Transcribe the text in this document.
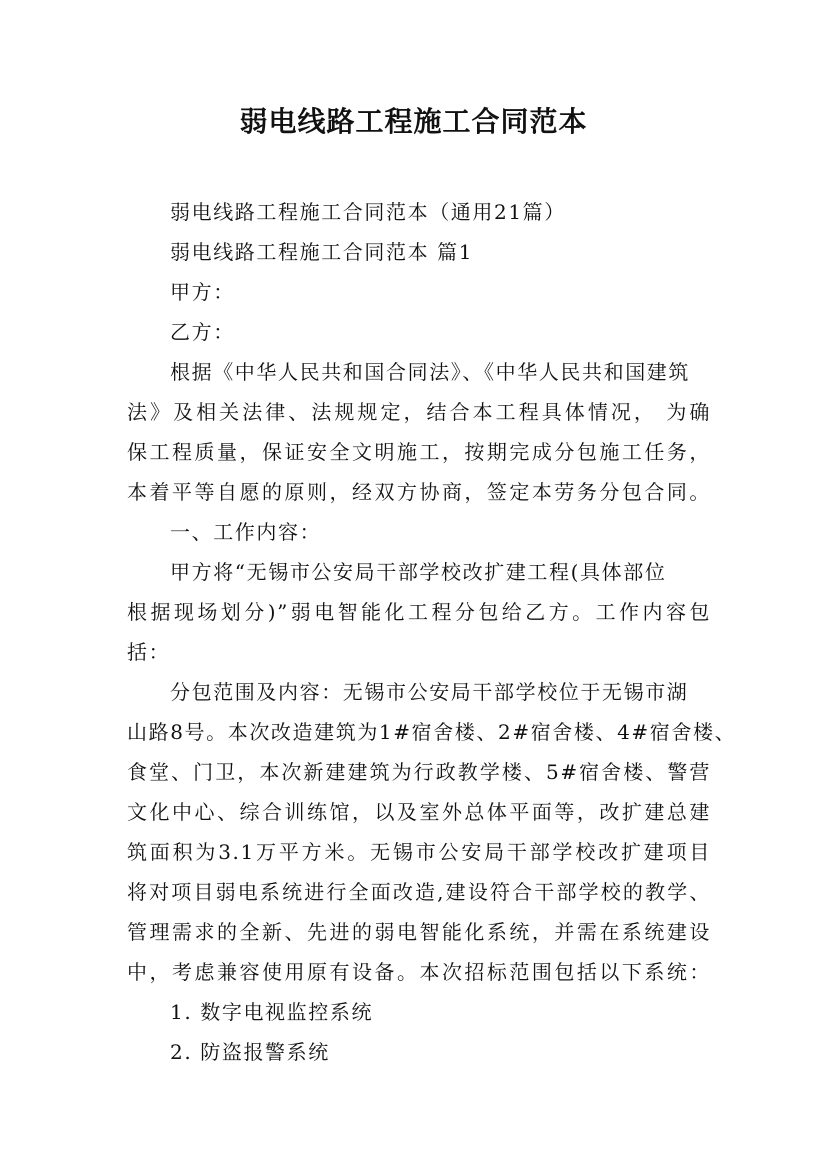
弱电线路工程施工合同范本
弱电线路工程施工合同范本（通用21篇）
弱电线路工程施工合同范本 篇1
甲方：
乙方：
根据《中华人民共和国合同法》、《中华人民共和国建筑
法》及相关法律、法规规定，结合本工程具体情况， 为确
保工程质量，保证安全文明施工，按期完成分包施工任务，
本着平等自愿的原则，经双方协商，签定本劳务分包合同。
一、工作内容：
甲方将“无锡市公安局干部学校改扩建工程(具体部位
根据现场划分)”弱电智能化工程分包给乙方。工作内容包
括：
分包范围及内容：无锡市公安局干部学校位于无锡市湖
山路8号。本次改造建筑为1#宿舍楼、2#宿舍楼、4#宿舍楼、
食堂、门卫，本次新建建筑为行政教学楼、5#宿舍楼、警营
文化中心、综合训练馆，以及室外总体平面等，改扩建总建
筑面积为3.1万平方米。无锡市公安局干部学校改扩建项目
将对项目弱电系统进行全面改造,建设符合干部学校的教学、
管理需求的全新、先进的弱电智能化系统，并需在系统建设
中，考虑兼容使用原有设备。本次招标范围包括以下系统：
1. 数字电视监控系统
2. 防盗报警系统
